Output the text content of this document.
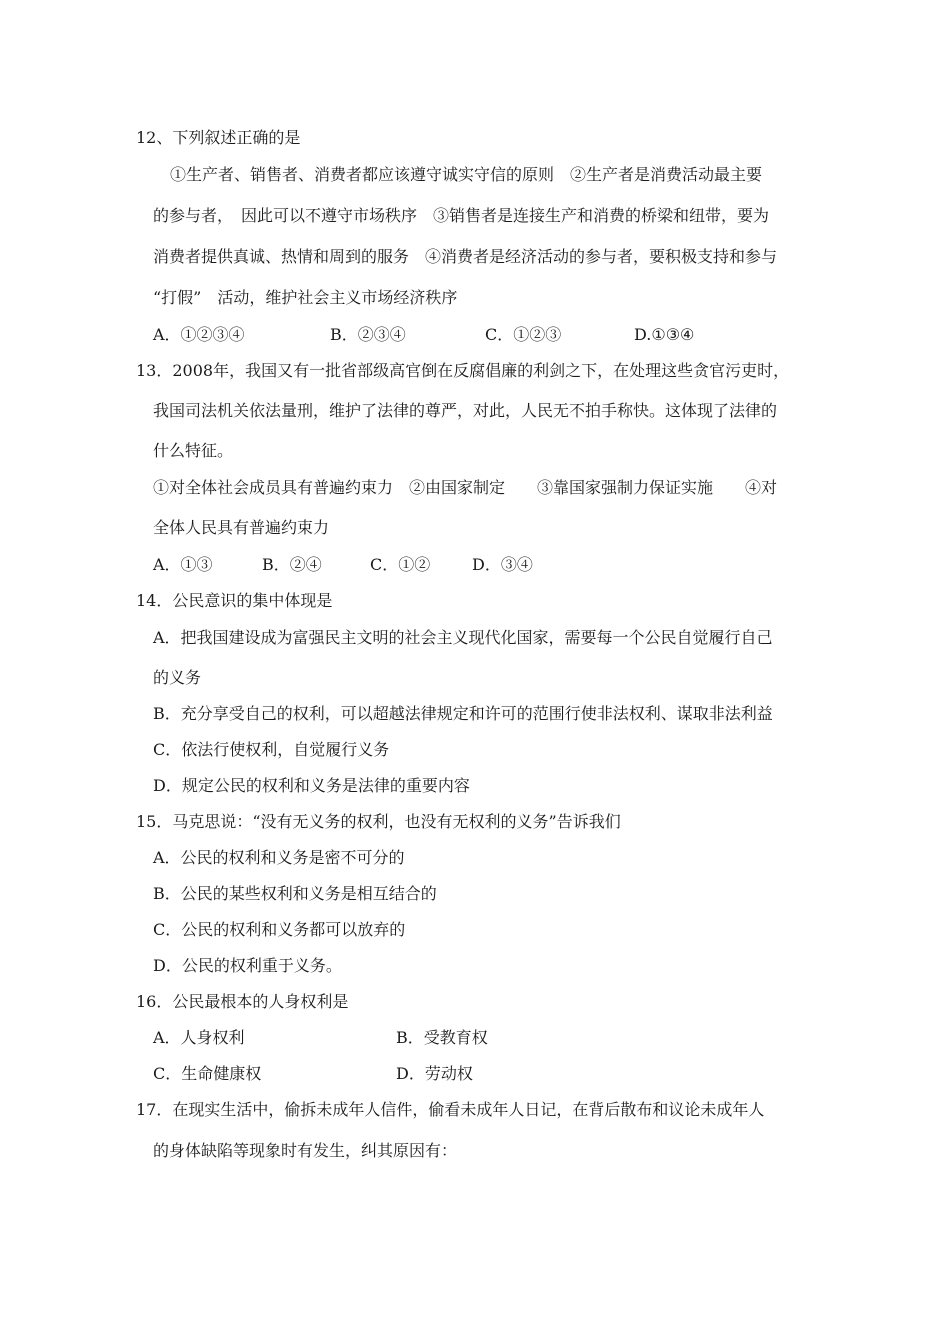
12、下列叙述正确的是
①生产者、销售者、消费者都应该遵守诚实守信的原则　②生产者是消费活动最主要
的参与者，　因此可以不遵守市场秩序　③销售者是连接生产和消费的桥梁和纽带，要为
消费者提供真诚、热情和周到的服务　④消费者是经济活动的参与者，要积极支持和参与
“打假”　活动，维护社会主义市场经济秩序
A．①②③④	B．②③④	C．①②③	D.①③④
13．2008年，我国又有一批省部级高官倒在反腐倡廉的利剑之下，在处理这些贪官污吏时，
我国司法机关依法量刑，维护了法律的尊严，对此，人民无不拍手称快。这体现了法律的
什么特征。
①对全体社会成员具有普遍约束力　②由国家制定　　③靠国家强制力保证实施　　④对
全体人民具有普遍约束力
A．①③	B．②④	C．①②	D．③④
14．公民意识的集中体现是
A．把我国建设成为富强民主文明的社会主义现代化国家，需要每一个公民自觉履行自己
的义务
B．充分享受自己的权利，可以超越法律规定和许可的范围行使非法权利、谋取非法利益
C．依法行使权利，自觉履行义务
D．规定公民的权利和义务是法律的重要内容
15．马克思说：“没有无义务的权利，也没有无权利的义务”告诉我们
A．公民的权利和义务是密不可分的
B．公民的某些权利和义务是相互结合的
C．公民的权利和义务都可以放弃的
D．公民的权利重于义务。
16．公民最根本的人身权利是
A．人身权利	B．受教育权
C．生命健康权	D．劳动权
17．在现实生活中，偷拆未成年人信件，偷看未成年人日记，在背后散布和议论未成年人
的身体缺陷等现象时有发生，纠其原因有：
